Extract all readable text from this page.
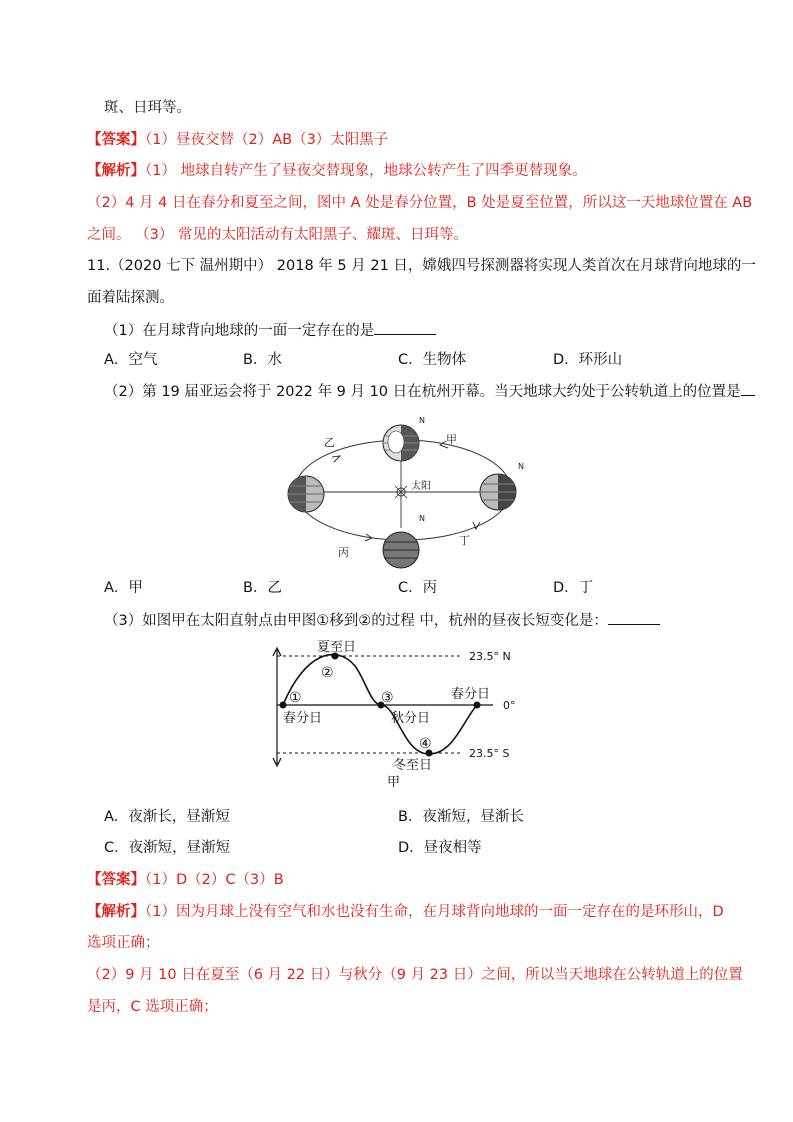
斑、日珥等。
【答案】（1）昼夜交替（2）AB（3）太阳黑子
【解析】（1） 地球自转产生了昼夜交替现象，地球公转产生了四季更替现象。
（2）4 月 4 日在春分和夏至之间，图中 A 处是春分位置，B 处是夏至位置，所以这一天地球位置在 AB
之间。 （3） 常见的太阳活动有太阳黑子、耀斑、日珥等。
11.（2020 七下 温州期中） 2018 年 5 月 21 日，嫦娥四号探测器将实现人类首次在月球背向地球的一
面着陆探测。
（1）在月球背向地球的一面一定存在的是
A．空气	B．水	C．生物体	D．环形山
（2）第 19 届亚运会将于 2022 年 9 月 10 日在杭州开幕。当天地球大约处于公转轨道上的位置是
太阳
N
N
N
甲
乙
丙
丁
A．甲	B．乙	C．丙	D．丁
（3）如图甲在太阳直射点由甲图①移到②的过程 中，杭州的昼夜长短变化是：
夏至日
春分日	秋分日
春分日
冬至日
23.5° N
23.5° S
0°
①
②
③
④
甲
A．夜渐长，昼渐短	B．夜渐短，昼渐长
C．夜渐短，昼渐短	D．昼夜相等
【答案】（1）D（2）C（3）B
【解析】（1）因为月球上没有空气和水也没有生命，在月球背向地球的一面一定存在的是环形山，D
选项正确；
（2）9 月 10 日在夏至（6 月 22 日）与秋分（9 月 23 日）之间，所以当天地球在公转轨道上的位置
是丙，C 选项正确；
